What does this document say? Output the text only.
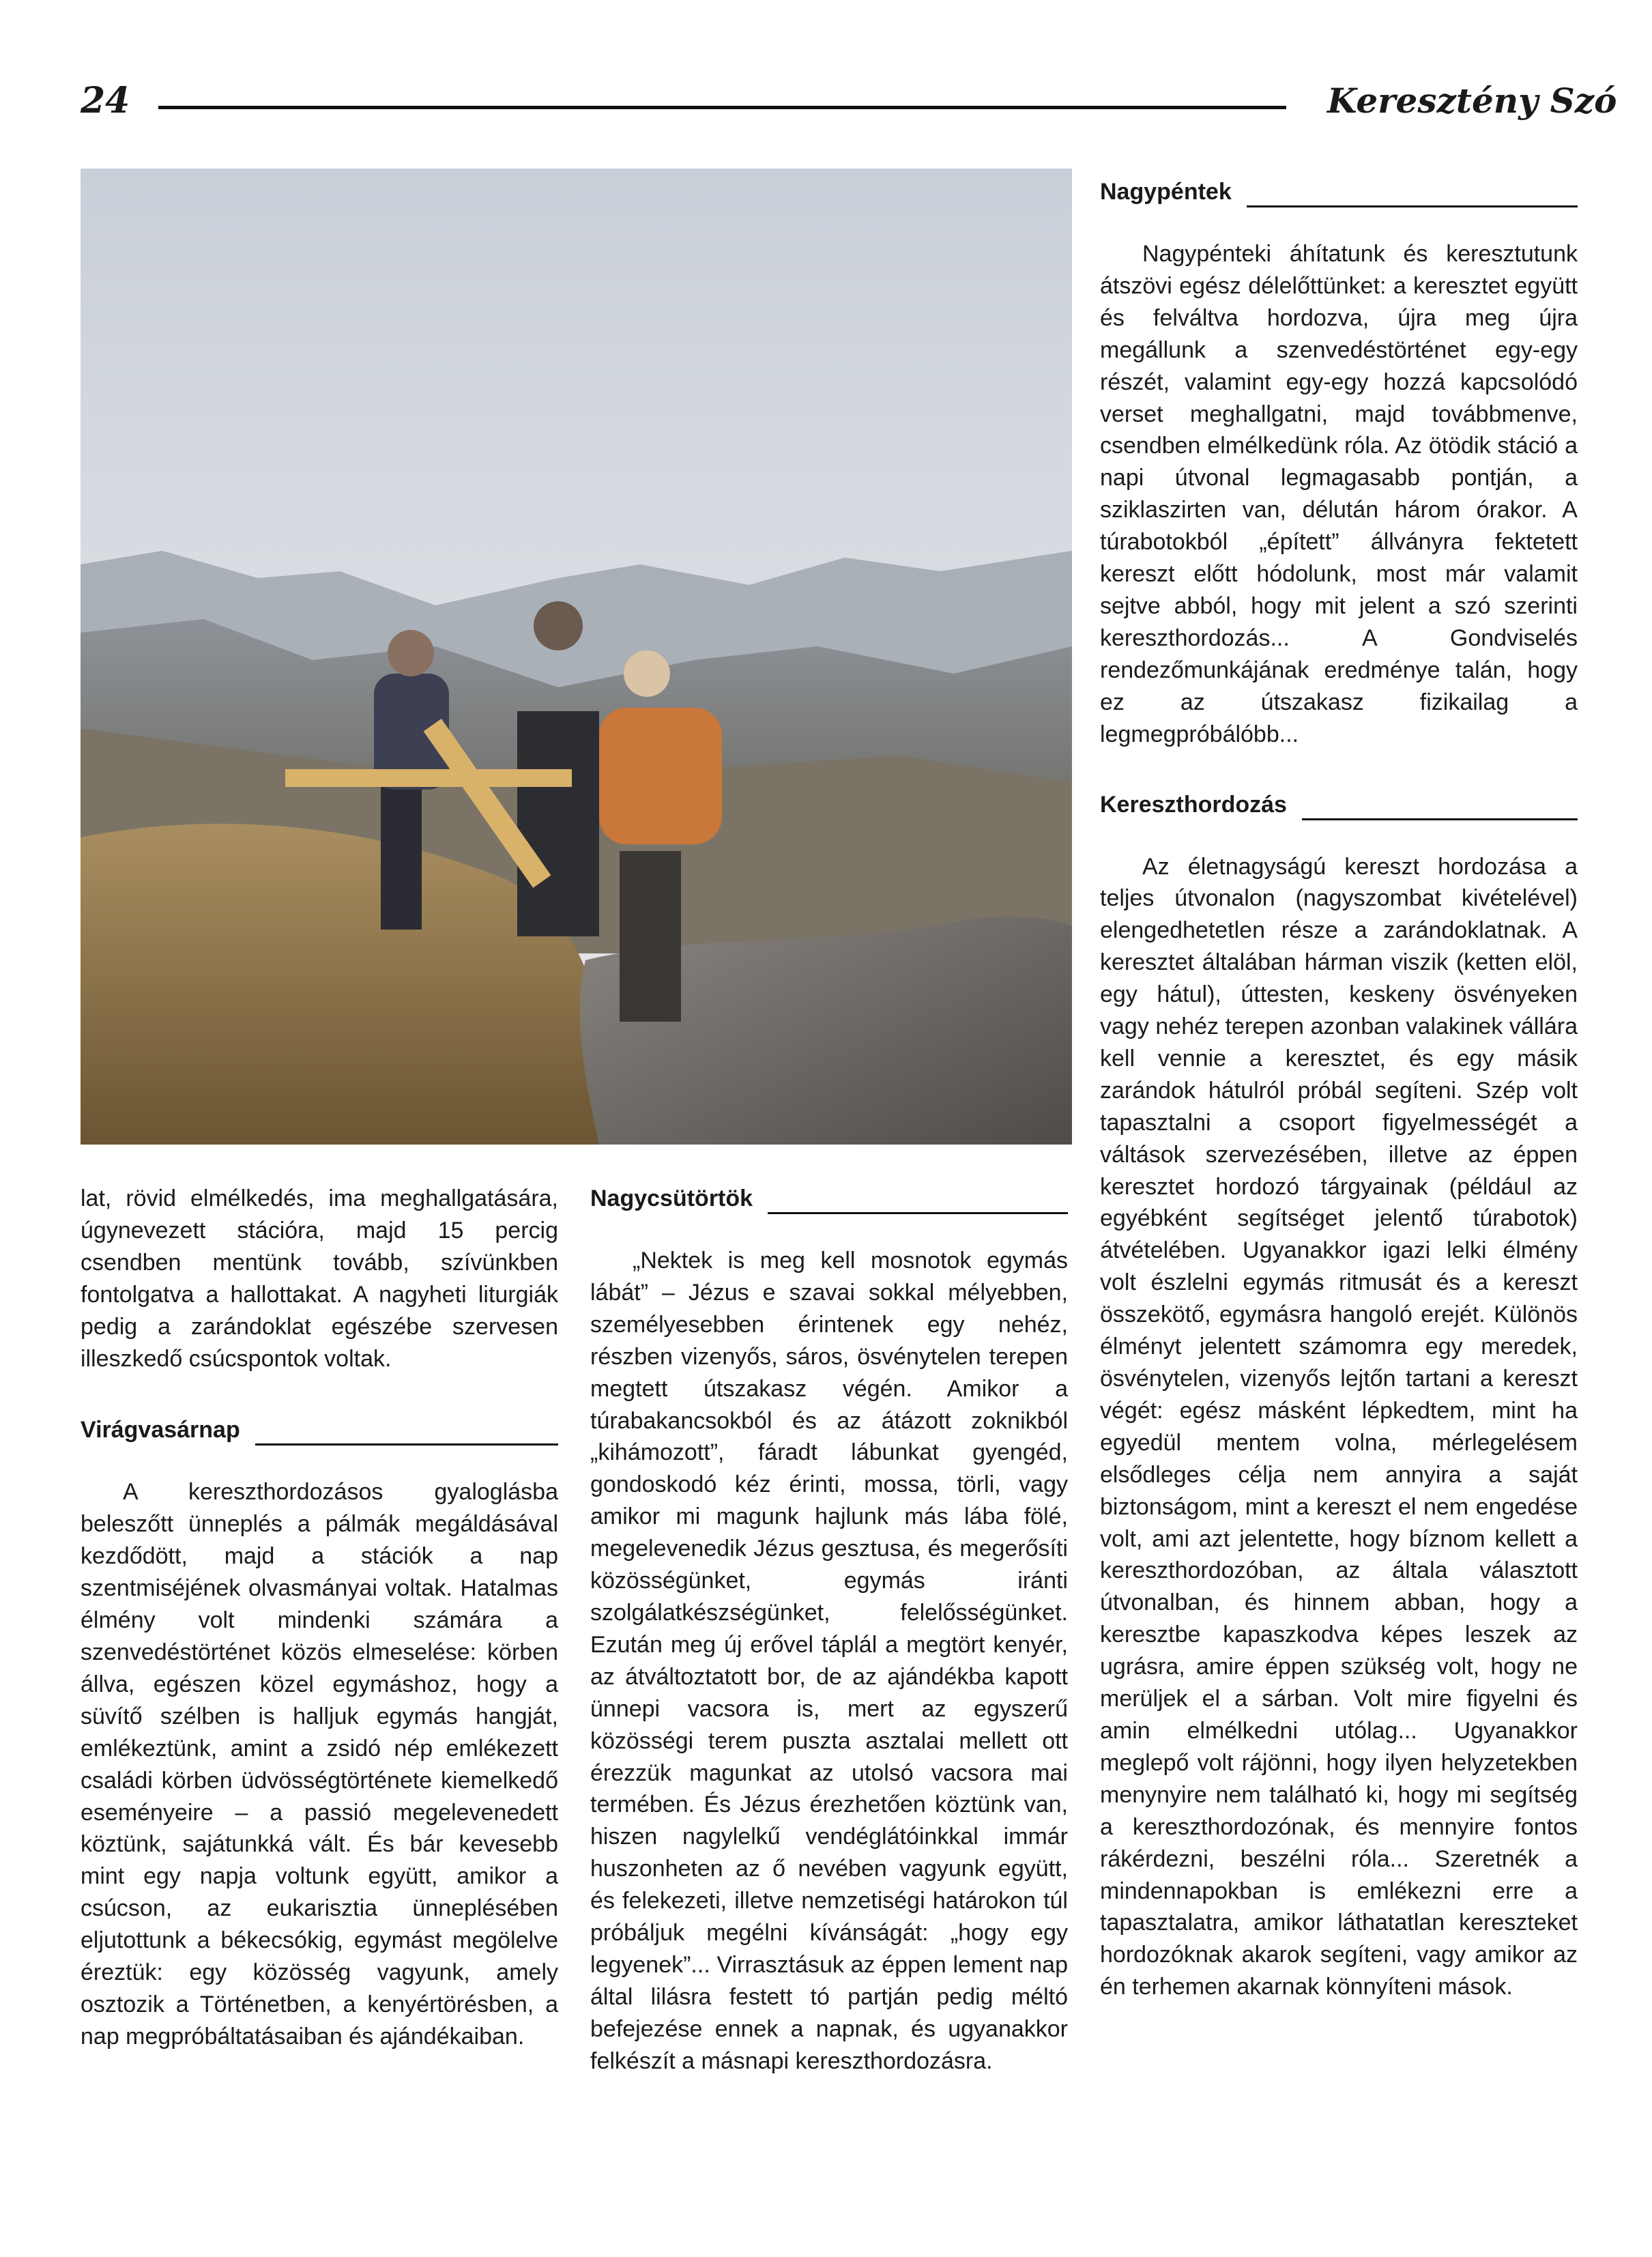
24	Keresztény Szó

lat, rövid elmélkedés, ima meghallgatására, úgynevezett stációra, majd 15 percig csendben mentünk tovább, szívünkben fontolgatva a hallottakat. A nagyheti liturgiák pedig a zarándoklat egészébe szervesen illeszkedő csúcspontok voltak.

Virágvasárnap

A kereszthordozásos gyaloglásba beleszőtt ünneplés a pálmák megáldásával kezdődött, majd a stációk a nap szentmiséjének olvasmányai voltak. Hatalmas élmény volt mindenki számára a szenvedéstörténet közös elmeselése: körben állva, egészen közel egymáshoz, hogy a süvítő szélben is halljuk egymás hangját, emlékeztünk, amint a zsidó nép emlékezett családi körben üdvösségtörténete kiemelkedő eseményeire – a passió megelevenedett köztünk, sajátunkká vált. És bár kevesebb mint egy napja voltunk együtt, amikor a csúcson, az eukarisztia ünneplésében eljutottunk a békecsókig, egymást megölelve éreztük: egy közösség vagyunk, amely osztozik a Történetben, a kenyértörésben, a nap megpróbáltatásaiban és ajándékaiban.

Nagycsütörtök

„Nektek is meg kell mosnotok egymás lábát” – Jézus e szavai sokkal mélyebben, személyesebben érintenek egy nehéz, részben vizenyős, sáros, ösvénytelen terepen megtett útszakasz végén. Amikor a túrabakancsokból és az átázott zoknikból „kihámozott”, fáradt lábunkat gyengéd, gondoskodó kéz érinti, mossa, törli, vagy amikor mi magunk hajlunk más lába fölé, megelevenedik Jézus gesztusa, és megerősíti közösségünket, egymás iránti szolgálatkészségünket, felelősségünket. Ezután meg új erővel táplál a megtört kenyér, az átváltoztatott bor, de az ajándékba kapott ünnepi vacsora is, mert az egyszerű közösségi terem puszta asztalai mellett ott érezzük magunkat az utolsó vacsora mai termében. És Jézus érezhetően köztünk van, hiszen nagylelkű vendéglátóinkkal immár huszonheten az ő nevében vagyunk együtt, és felekezeti, illetve nemzetiségi határokon túl próbáljuk megélni kívánságát: „hogy egy legyenek”... Virrasztásuk az éppen lement nap által lilásra festett tó partján pedig méltó befejezése ennek a napnak, és ugyanakkor felkészít a másnapi kereszthordozásra.

Nagypéntek

Nagypénteki áhítatunk és keresztutunk átszövi egész délelőttünket: a keresztet együtt és felváltva hordozva, újra meg újra megállunk a szenvedéstörténet egy-egy részét, valamint egy-egy hozzá kapcsolódó verset meghallgatni, majd továbbmenve, csendben elmélkedünk róla. Az ötödik stáció a napi útvonal legmagasabb pontján, a sziklaszirten van, délután három órakor. A túrabotokból „épített” állványra fektetett kereszt előtt hódolunk, most már valamit sejtve abból, hogy mit jelent a szó szerinti kereszthordozás... A Gondviselés rendezőmunkájának eredménye talán, hogy ez az útszakasz fizikailag a legmegpróbálóbb...

Kereszthordozás

Az életnagyságú kereszt hordozása a teljes útvonalon (nagyszombat kivételével) elengedhetetlen része a zarándoklatnak. A keresztet általában hárman viszik (ketten elöl, egy hátul), úttesten, keskeny ösvényeken vagy nehéz terepen azonban valakinek vállára kell vennie a keresztet, és egy másik zarándok hátulról próbál segíteni. Szép volt tapasztalni a csoport figyelmességét a váltások szervezésében, illetve az éppen keresztet hordozó tárgyainak (például az egyébként segítséget jelentő túrabotok) átvételében. Ugyanakkor igazi lelki élmény volt észlelni egymás ritmusát és a kereszt összekötő, egymásra hangoló erejét. Különös élményt jelentett számomra egy meredek, ösvénytelen, vizenyős lejtőn tartani a kereszt végét: egész másként lépkedtem, mint ha egyedül mentem volna, mérlegelésem elsődleges célja nem annyira a saját biztonságom, mint a kereszt el nem engedése volt, ami azt jelentette, hogy bíznom kellett a kereszthordozóban, az általa választott útvonalban, és hinnem abban, hogy a keresztbe kapaszkodva képes leszek az ugrásra, amire éppen szükség volt, hogy ne merüljek el a sárban. Volt mire figyelni és amin elmélkedni utólag... Ugyanakkor meglepő volt rájönni, hogy ilyen helyzetekben menynyire nem található ki, hogy mi segítség a kereszthordozónak, és mennyire fontos rákérdezni, beszélni róla... Szeretnék a mindennapokban is emlékezni erre a tapasztalatra, amikor láthatatlan kereszteket hordozóknak akarok segíteni, vagy amikor az én terhemen akarnak könnyíteni mások.
